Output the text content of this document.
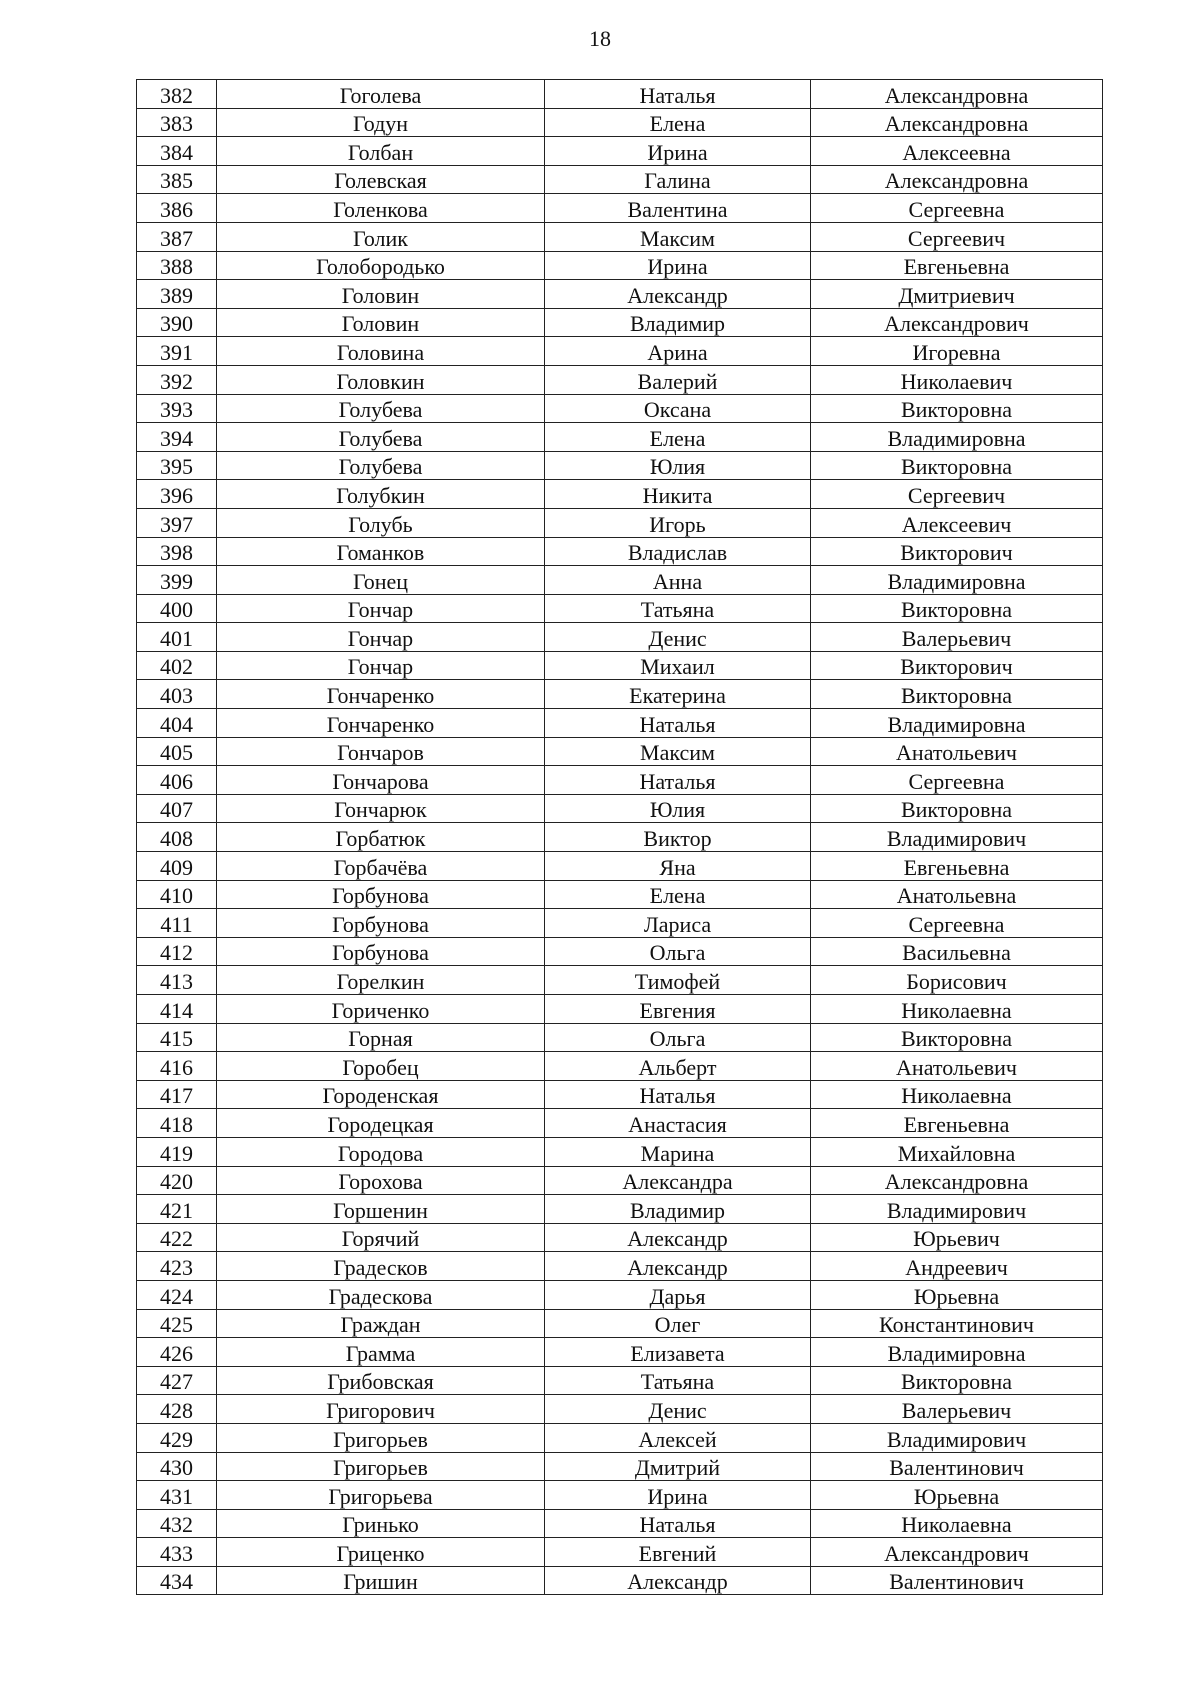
18
382	Гоголева	Наталья	Александровна
383	Годун	Елена	Александровна
384	Голбан	Ирина	Алексеевна
385	Голевская	Галина	Александровна
386	Голенкова	Валентина	Сергеевна
387	Голик	Максим	Сергеевич
388	Голобородько	Ирина	Евгеньевна
389	Головин	Александр	Дмитриевич
390	Головин	Владимир	Александрович
391	Головина	Арина	Игоревна
392	Головкин	Валерий	Николаевич
393	Голубева	Оксана	Викторовна
394	Голубева	Елена	Владимировна
395	Голубева	Юлия	Викторовна
396	Голубкин	Никита	Сергеевич
397	Голубь	Игорь	Алексеевич
398	Гоманков	Владислав	Викторович
399	Гонец	Анна	Владимировна
400	Гончар	Татьяна	Викторовна
401	Гончар	Денис	Валерьевич
402	Гончар	Михаил	Викторович
403	Гончаренко	Екатерина	Викторовна
404	Гончаренко	Наталья	Владимировна
405	Гончаров	Максим	Анатольевич
406	Гончарова	Наталья	Сергеевна
407	Гончарюк	Юлия	Викторовна
408	Горбатюк	Виктор	Владимирович
409	Горбачёва	Яна	Евгеньевна
410	Горбунова	Елена	Анатольевна
411	Горбунова	Лариса	Сергеевна
412	Горбунова	Ольга	Васильевна
413	Горелкин	Тимофей	Борисович
414	Гориченко	Евгения	Николаевна
415	Горная	Ольга	Викторовна
416	Горобец	Альберт	Анатольевич
417	Городенская	Наталья	Николаевна
418	Городецкая	Анастасия	Евгеньевна
419	Городова	Марина	Михайловна
420	Горохова	Александра	Александровна
421	Горшенин	Владимир	Владимирович
422	Горячий	Александр	Юрьевич
423	Градесков	Александр	Андреевич
424	Градескова	Дарья	Юрьевна
425	Граждан	Олег	Константинович
426	Грамма	Елизавета	Владимировна
427	Грибовская	Татьяна	Викторовна
428	Григорович	Денис	Валерьевич
429	Григорьев	Алексей	Владимирович
430	Григорьев	Дмитрий	Валентинович
431	Григорьева	Ирина	Юрьевна
432	Гринько	Наталья	Николаевна
433	Гриценко	Евгений	Александрович
434	Гришин	Александр	Валентинович
